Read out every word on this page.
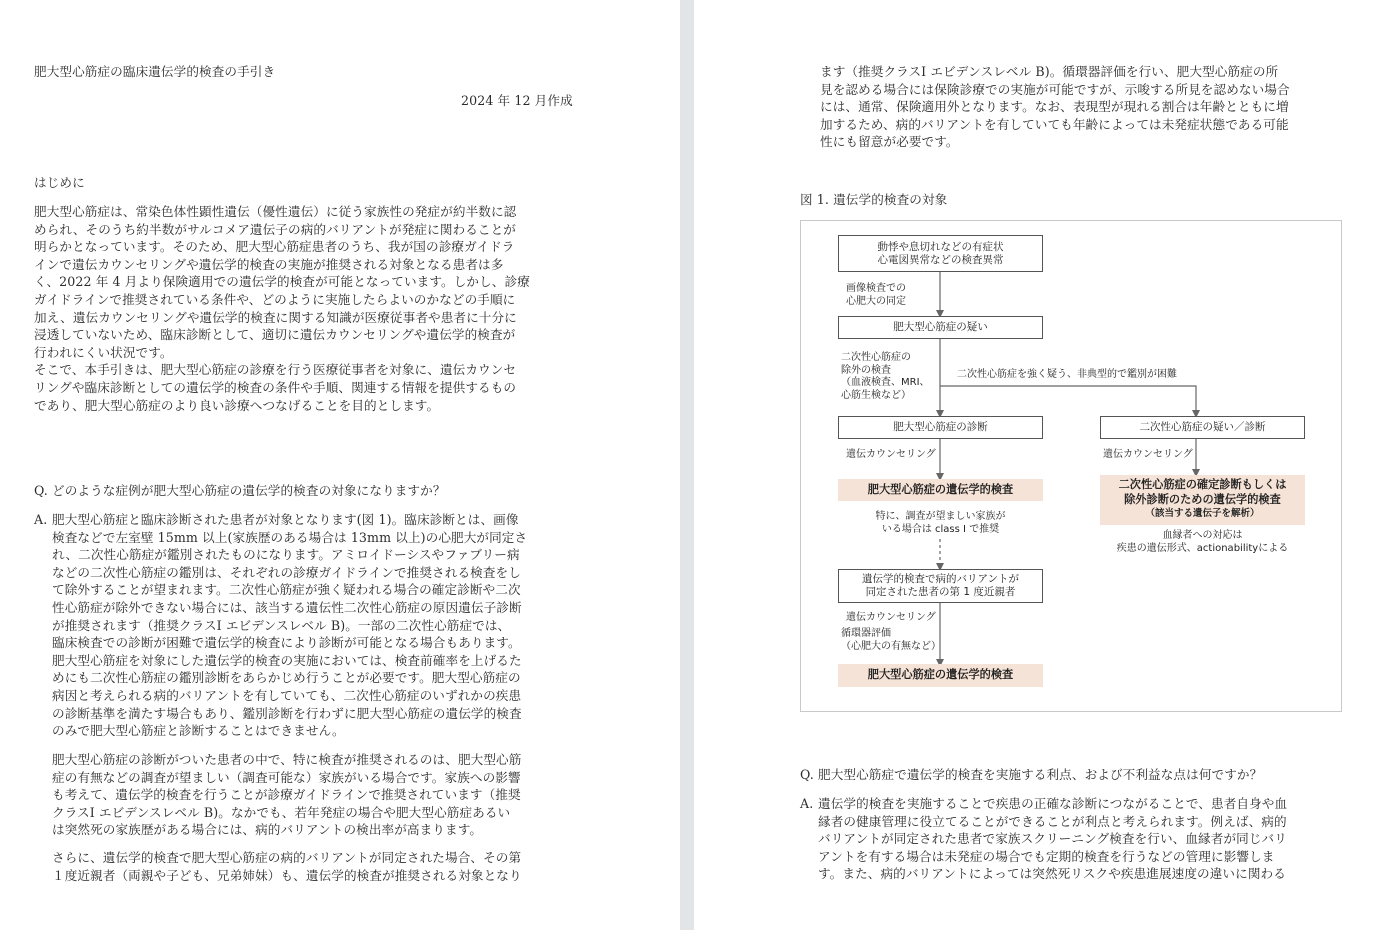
肥大型心筋症の臨床遺伝学的検査の手引き

2024 年 12 月作成

はじめに

肥大型心筋症は、常染色体性顕性遺伝（優性遺伝）に従う家族性の発症が約半数に認

められ、そのうち約半数がサルコメア遺伝子の病的バリアントが発症に関わることが

明らかとなっています。そのため、肥大型心筋症患者のうち、我が国の診療ガイドラ

インで遺伝カウンセリングや遺伝学的検査の実施が推奨される対象となる患者は多

く、2022 年 4 月より保険適用での遺伝学的検査が可能となっています。しかし、診療

ガイドラインで推奨されている条件や、どのように実施したらよいのかなどの手順に

加え、遺伝カウンセリングや遺伝学的検査に関する知識が医療従事者や患者に十分に

浸透していないため、臨床診断として、適切に遺伝カウンセリングや遺伝学的検査が

行われにくい状況です。

そこで、本手引きは、肥大型心筋症の診療を行う医療従事者を対象に、遺伝カウンセ

リングや臨床診断としての遺伝学的検査の条件や手順、関連する情報を提供するもの

であり、肥大型心筋症のより良い診療へつなげることを目的とします。

Q. どのような症例が肥大型心筋症の遺伝学的検査の対象になりますか？

A. 肥大型心筋症と臨床診断された患者が対象となります(図 1)。臨床診断とは、画像

検査などで左室壁 15mm 以上(家族歴のある場合は 13mm 以上)の心肥大が同定さ

れ、二次性心筋症が鑑別されたものになります。アミロイドーシスやファブリー病

などの二次性心筋症の鑑別は、それぞれの診療ガイドラインで推奨される検査をし

て除外することが望まれます。二次性心筋症が強く疑われる場合の確定診断や二次

性心筋症が除外できない場合には、該当する遺伝性二次性心筋症の原因遺伝子診断

が推奨されます（推奨クラスⅠ エビデンスレベル B)。一部の二次性心筋症では、

臨床検査での診断が困難で遺伝学的検査により診断が可能となる場合もあります。

肥大型心筋症を対象にした遺伝学的検査の実施においては、検査前確率を上げるた

めにも二次性心筋症の鑑別診断をあらかじめ行うことが必要です。肥大型心筋症の

病因と考えられる病的バリアントを有していても、二次性心筋症のいずれかの疾患

の診断基準を満たす場合もあり、鑑別診断を行わずに肥大型心筋症の遺伝学的検査

のみで肥大型心筋症と診断することはできません。

肥大型心筋症の診断がついた患者の中で、特に検査が推奨されるのは、肥大型心筋

症の有無などの調査が望ましい（調査可能な）家族がいる場合です。家族への影響

も考えて、遺伝学的検査を行うことが診療ガイドラインで推奨されています（推奨

クラスⅠ エビデンスレベル B)。なかでも、若年発症の場合や肥大型心筋症あるい

は突然死の家族歴がある場合には、病的バリアントの検出率が高まります。

さらに、遺伝学的検査で肥大型心筋症の病的バリアントが同定された場合、その第

１度近親者（両親や子ども、兄弟姉妹）も、遺伝学的検査が推奨される対象となり

ます（推奨クラスⅠ エビデンスレベル B)。循環器評価を行い、肥大型心筋症の所

見を認める場合には保険診療での実施が可能ですが、示唆する所見を認めない場合

には、通常、保険適用外となります。なお、表現型が現れる割合は年齢とともに増

加するため、病的バリアントを有していても年齢によっては未発症状態である可能

性にも留意が必要です。

図 1. 遺伝学的検査の対象

動悸や息切れなどの有症状
心電図異常などの検査異常
画像検査での
心肥大の同定
肥大型心筋症の疑い
二次性心筋症の
除外の検査
（血液検査、MRI、
心筋生検など）
二次性心筋症を強く疑う、非典型的で鑑別が困難
肥大型心筋症の診断	二次性心筋症の疑い／診断
遺伝カウンセリング	遺伝カウンセリング
肥大型心筋症の遺伝学的検査	二次性心筋症の確定診断もしくは
除外診断のための遺伝学的検査
（該当する遺伝子を解析）
特に、調査が望ましい家族が
いる場合は class I で推奨
血縁者への対応は
疾患の遺伝形式、actionabilityによる
遺伝学的検査で病的バリアントが
同定された患者の第 1 度近親者
遺伝カウンセリング
循環器評価
（心肥大の有無など）
肥大型心筋症の遺伝学的検査

Q. 肥大型心筋症で遺伝学的検査を実施する利点、および不利益な点は何ですか？

A. 遺伝学的検査を実施することで疾患の正確な診断につながることで、患者自身や血

縁者の健康管理に役立てることができることが利点と考えられます。例えば、病的

バリアントが同定された患者で家族スクリーニング検査を行い、血縁者が同じバリ

アントを有する場合は未発症の場合でも定期的検査を行うなどの管理に影響しま

す。また、病的バリアントによっては突然死リスクや疾患進展速度の違いに関わる
